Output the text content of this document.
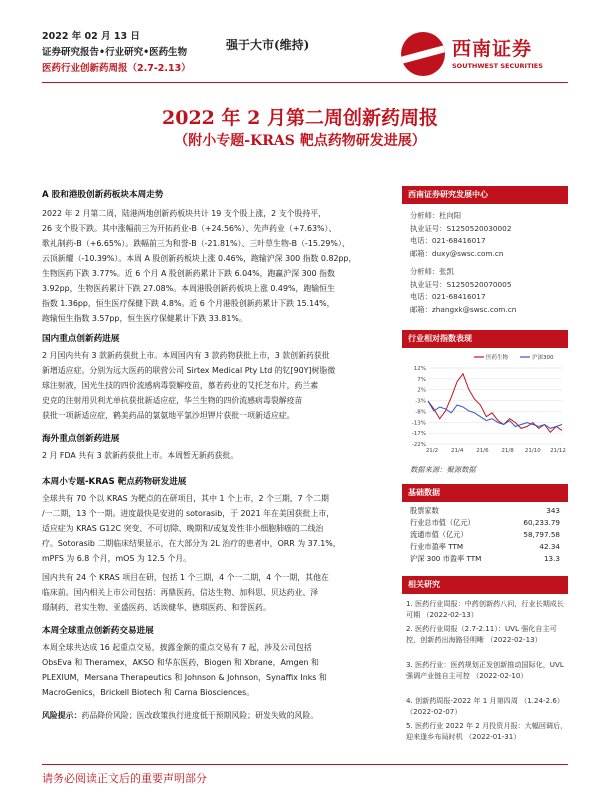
2022 年 02 月 13 日
证券研究报告•行业研究•医药生物
医药行业创新药周报（2.7-2.13）
强于大市(维持)	西南证券
SOUTHWEST SECURITIES
2022 年 2 月第二周创新药周报
（附小专题-KRAS 靶点药物研发进展）
A 股和港股创新药板块本周走势
2022 年 2 月第二周，陆港两地创新药板块共计 19 支个股上涨，2 支个股持平，
26 支个股下跌。其中涨幅前三为开拓药业-B（+24.56%）、先声药业（+7.63%）、
歌礼制药-B（+6.65%）。跌幅前三为和誉-B（-21.81%）、三叶草生物-B（-15.29%）、
云顶新耀（-10.39%）。本周 A 股创新药板块上涨 0.46%，跑输沪深 300 指数 0.82pp，
生物医药下跌 3.77%。近 6 个月 A 股创新药累计下跌 6.04%，跑赢沪深 300 指数
3.92pp，生物医药累计下跌 27.08%。本周港股创新药板块上涨 0.49%，跑输恒生
指数 1.36pp，恒生医疗保健下跌 4.8%。近 6 个月港股创新药累计下跌 15.14%，
跑输恒生指数 3.57pp，恒生医疗保健累计下跌 33.81%。
国内重点创新药进展
2 月国内共有 3 款新药获批上市。本周国内有 3 款药物获批上市，3 款创新药获批
新增适应症。分别为远大医药的联营公司 Sirtex Medical Pty Ltd 的钇[90Y]树脂微
球注射液，国光生技的四价流感病毒裂解疫苗，慕若药业的艾托芝布片，药兰素
史克的注射用贝利尤单抗获批新适应症，华兰生物的四价流感病毒裂解疫苗
获批一项新适应症，鹤美药品的氯氨地平氯沙坦钾片获批一项新适应症。
海外重点创新药进展
2 月 FDA 共有 3 款新药获批上市。本周暂无新药获批。
本周小专题-KRAS 靶点药物研发进展
全球共有 70 个以 KRAS 为靶点的在研项目，其中 1 个上市，2 个三期，7 个二期
/一二期，13 个一期。进度最快是安进的 sotorasib，于 2021 年在美国获批上市，
适应症为 KRAS G12C 突变、不可切除、晚期和/或复发性非小细胞肺癌的二线治
疗。Sotorasib 二期临床结果显示，在大部分为 2L 治疗的患者中，ORR 为 37.1%，
mPFS 为 6.8 个月，mOS 为 12.5 个月。
国内共有 24 个 KRAS 项目在研，包括 1 个三期，4 个一二期，4 个一期，其他在
临床前。国内相关上市公司包括：再鼎医药、信达生物、加科思、贝达药业、泽
璟制药、君实生物、亚盛医药、话诶健华、德琪医药、和誉医药。
本周全球重点创新药交易进展
本周全球共达成 16 起重点交易，披露金额的重点交易有 7 起，涉及公司包括
ObsEva 和 Theramex，AKSO 和华东医药，Biogen 和 Xbrane，Amgen 和
PLEXIUM，Mersana Therapeutics 和 Johnson & Johnson，Synaffix Inks 和
MacroGenics，Brickell Biotech 和 Carna Biosciences。
风险提示：药品降价风险；医改政策执行进度低于预期风险；研发失败的风险。
西南证券研究发展中心
分析师：杜向阳
执业证号：S1250520030002
电话：021-68416017
邮箱：duxy@swsc.com.cn
分析师：张凯
执业证号：S1250520070005
电话：021-68416017
邮箱：zhangxk@swsc.com.cn
行业相对指数表现
12%
7%
2%
-3%
-8%
-13%
-17%
-22%
21/2 21/4 21/6 21/8 21/10 21/12
医药生物	沪深300
数据来源：聚源数据
基础数据
股票家数	343
行业总市值（亿元）	60,233.79
流通市值（亿元）	58,797.58
行业市盈率 TTM	42.34
沪深 300 市盈率 TTM	13.3
相关研究
1. 医药行业周报：中药创新药八问，行业长期成长可期 （2022-02-13）
2. 医药行业周报（2.7-2.11）：UVL 强化自主可控，创新药出海路径明晰 （2022-02-13）
3. 医药行业：医药规划正发创新推动国际化，UVL 强调产业链自主可控 （2022-02-10）
4. 创新药周报-2022 年 1 月第四周 （1.24-2.6） （2022-02-07）
5. 医药行业 2022 年 2 月投资月报：大幅回调后，迎来逢乡布局时机 （2022-01-31）
请务必阅读正文后的重要声明部分
